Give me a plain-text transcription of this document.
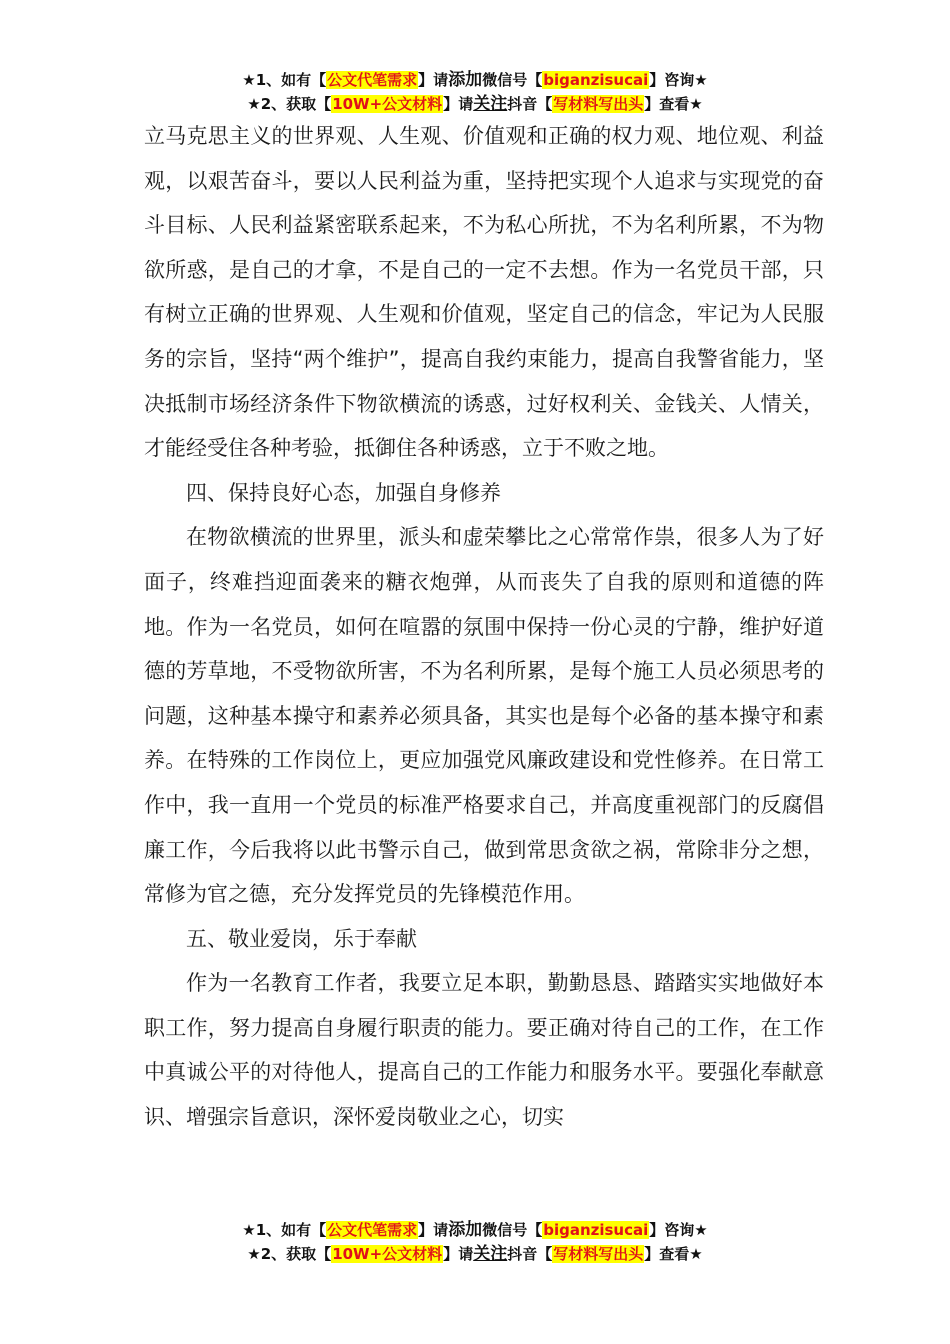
★1、如有【公文代笔需求】请添加微信号【biganzisucai】咨询★
★2、获取【10W+公文材料】请关注抖音【写材料写出头】查看★

立马克思主义的世界观、人生观、价值观和正确的权力观、地位观、利益观，以艰苦奋斗，要以人民利益为重，坚持把实现个人追求与实现党的奋斗目标、人民利益紧密联系起来，不为私心所扰，不为名利所累，不为物欲所惑，是自己的才拿，不是自己的一定不去想。作为一名党员干部，只有树立正确的世界观、人生观和价值观，坚定自己的信念，牢记为人民服务的宗旨，坚持“两个维护”，提高自我约束能力，提高自我警省能力，坚决抵制市场经济条件下物欲横流的诱惑，过好权利关、金钱关、人情关，才能经受住各种考验，抵御住各种诱惑，立于不败之地。

四、保持良好心态，加强自身修养

在物欲横流的世界里，派头和虚荣攀比之心常常作祟，很多人为了好面子，终难挡迎面袭来的糖衣炮弹，从而丧失了自我的原则和道德的阵地。作为一名党员，如何在喧嚣的氛围中保持一份心灵的宁静，维护好道德的芳草地，不受物欲所害，不为名利所累，是每个施工人员必须思考的问题，这种基本操守和素养必须具备，其实也是每个必备的基本操守和素养。在特殊的工作岗位上，更应加强党风廉政建设和党性修养。在日常工作中，我一直用一个党员的标准严格要求自己，并高度重视部门的反腐倡廉工作，今后我将以此书警示自己，做到常思贪欲之祸，常除非分之想，常修为官之德，充分发挥党员的先锋模范作用。

五、敬业爱岗，乐于奉献

作为一名教育工作者，我要立足本职，勤勤恳恳、踏踏实实地做好本职工作，努力提高自身履行职责的能力。要正确对待自己的工作，在工作中真诚公平的对待他人，提高自己的工作能力和服务水平。要强化奉献意识、增强宗旨意识，深怀爱岗敬业之心，切实

★1、如有【公文代笔需求】请添加微信号【biganzisucai】咨询★
★2、获取【10W+公文材料】请关注抖音【写材料写出头】查看★
